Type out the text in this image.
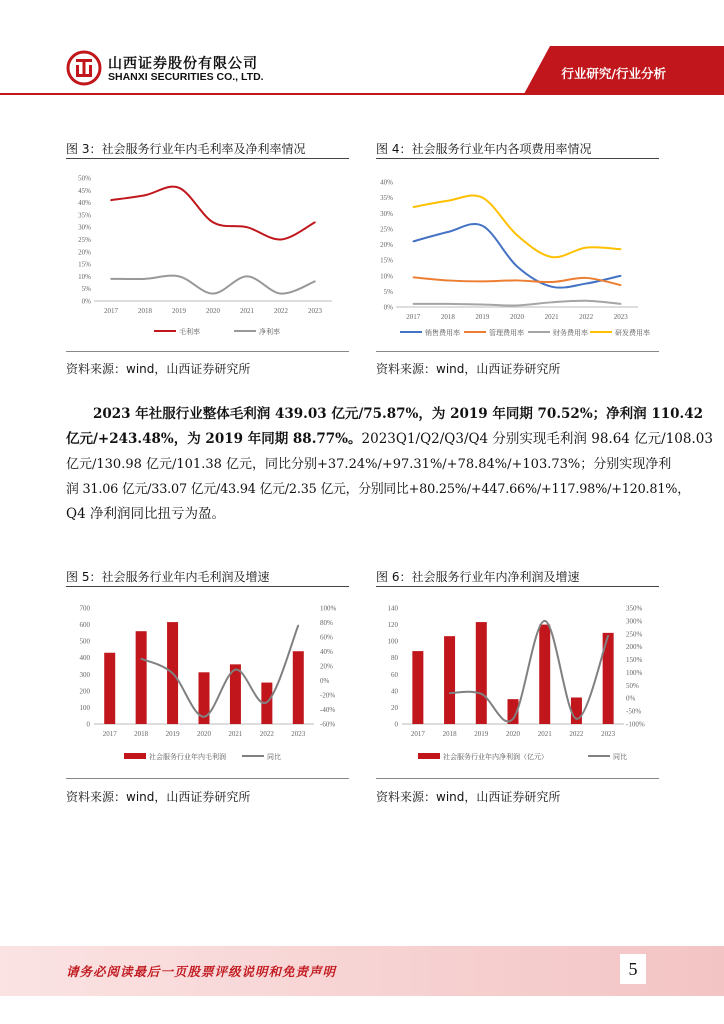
山西证券股份有限公司
SHANXI SECURITIES CO., LTD.	行业研究/行业分析
图 3：社会服务行业年内毛利率及净利率情况
0%
5%
10%
15%
20%
25%
30%
35%
40%
45%
50%
2017	2018	2019	2020	2021	2022	2023
毛利率	净利率
资料来源：wind，山西证券研究所
图 4：社会服务行业年内各项费用率情况
0%
5%
10%
15%
20%
25%
30%
35%
40%
2017	2018	2019	2020	2021	2022	2023
销售费用率	管理费用率	财务费用率	研发费用率
资料来源：wind，山西证券研究所
2023 年社服行业整体毛利润 439.03 亿元/75.87%，为 2019 年同期 70.52%；净利润 110.42
亿元/+243.48%，为 2019 年同期 88.77%。2023Q1/Q2/Q3/Q4 分别实现毛利润 98.64 亿元/108.03
亿元/130.98 亿元/101.38 亿元，同比分别+37.24%/+97.31%/+78.84%/+103.73%；分别实现净利
润 31.06 亿元/33.07 亿元/43.94 亿元/2.35 亿元，分别同比+80.25%/+447.66%/+117.98%/+120.81%，
Q4 净利润同比扭亏为盈。
图 5：社会服务行业年内毛利润及增速
0
100
200
300
400
500
600
700
-60%
-40%
-20%
0%
20%
40%
60%
80%
100%
2017 2018 2019 2020 2021 2022 2023
社会服务行业年内毛利润	同比
资料来源：wind，山西证券研究所
图 6：社会服务行业年内净利润及增速
0
20
40
60
80
100
120
140
-100%
-50%
0%
50%
100%
150%
200%
250%
300%
350%
2017	2018	2019	2020	2021	2022	2023
社会服务行业年内净利润（亿元）	同比
资料来源：wind，山西证券研究所
请务必阅读最后一页股票评级说明和免责声明	5
